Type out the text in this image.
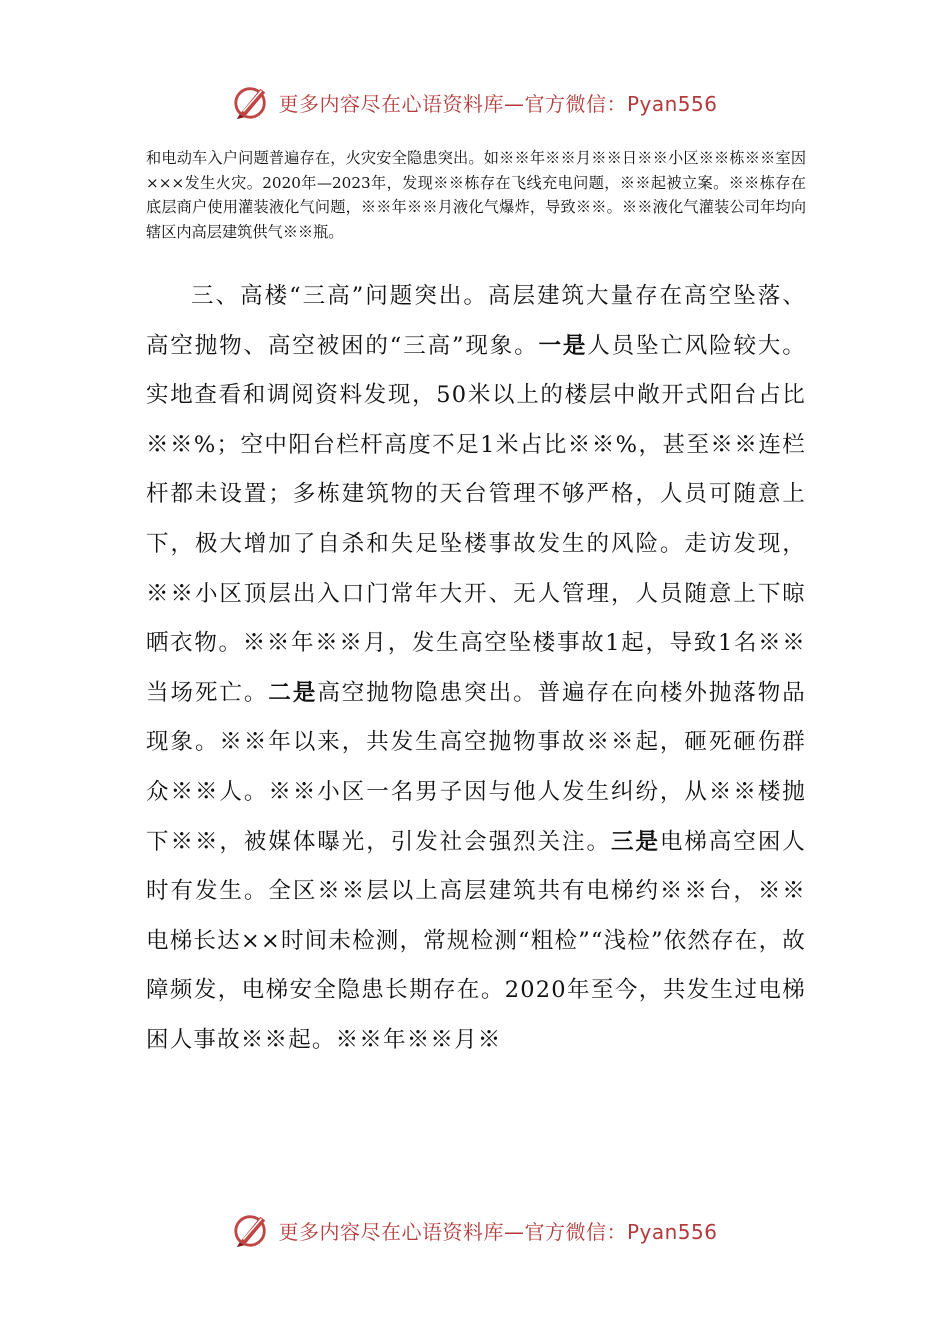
更多内容尽在心语资料库—官方微信：Pyan556

和电动车入户问题普遍存在，火灾安全隐患突出。如※※年※※月※※日※※小区※※栋※※室因×××发生火灾。2020年—2023年，发现※※栋存在飞线充电问题，※※起被立案。※※栋存在底层商户使用灌装液化气问题，※※年※※月液化气爆炸，导致※※。※※液化气灌装公司年均向辖区内高层建筑供气※※瓶。

三、高楼“三高”问题突出。高层建筑大量存在高空坠落、高空抛物、高空被困的“三高”现象。一是人员坠亡风险较大。实地查看和调阅资料发现，50米以上的楼层中敞开式阳台占比※※%；空中阳台栏杆高度不足1米占比※※%，甚至※※连栏杆都未设置；多栋建筑物的天台管理不够严格，人员可随意上下，极大增加了自杀和失足坠楼事故发生的风险。走访发现，※※小区顶层出入口门常年大开、无人管理，人员随意上下晾晒衣物。※※年※※月，发生高空坠楼事故1起，导致1名※※当场死亡。二是高空抛物隐患突出。普遍存在向楼外抛落物品现象。※※年以来，共发生高空抛物事故※※起，砸死砸伤群众※※人。※※小区一名男子因与他人发生纠纷，从※※楼抛下※※，被媒体曝光，引发社会强烈关注。三是电梯高空困人时有发生。全区※※层以上高层建筑共有电梯约※※台，※※电梯长达××时间未检测，常规检测“粗检”“浅检”依然存在，故障频发，电梯安全隐患长期存在。2020年至今，共发生过电梯困人事故※※起。※※年※※月※

更多内容尽在心语资料库—官方微信：Pyan556
